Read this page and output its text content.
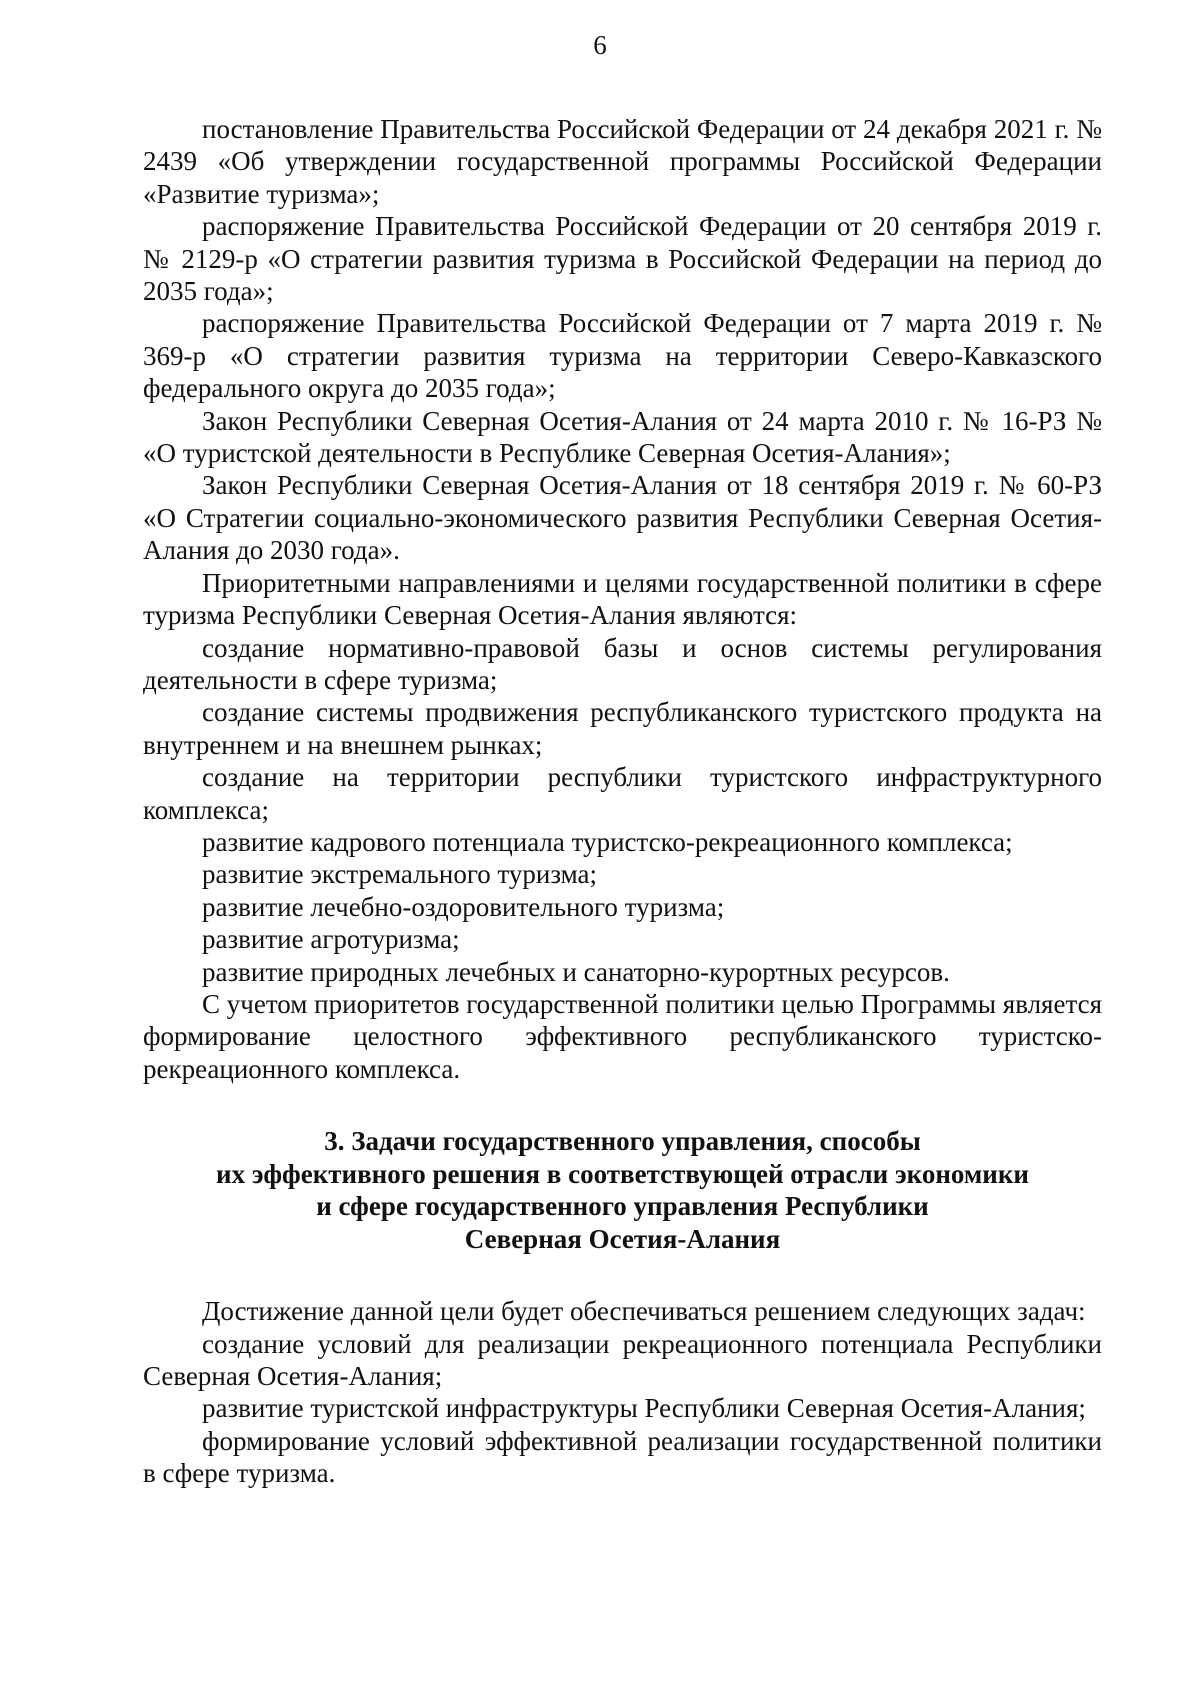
6

постановление Правительства Российской Федерации от 24 декабря 2021 г. № 2439 «Об утверждении государственной программы Российской Федерации «Развитие туризма»;

распоряжение Правительства Российской Федерации от 20 сентября 2019 г. № 2129-р «О стратегии развития туризма в Российской Федерации на период до 2035 года»;

распоряжение Правительства Российской Федерации от 7 марта 2019 г. № 369-р «О стратегии развития туризма на территории Северо-Кавказского федерального округа до 2035 года»;

Закон Республики Северная Осетия-Алания от 24 марта 2010 г. № 16-РЗ № «О туристской деятельности в Республике Северная Осетия-Алания»;

Закон Республики Северная Осетия-Алания от 18 сентября 2019 г. № 60-РЗ «О Стратегии социально-экономического развития Республики Северная Осетия-Алания до 2030 года».

Приоритетными направлениями и целями государственной политики в сфере туризма Республики Северная Осетия-Алания являются:

создание нормативно-правовой базы и основ системы регулирования деятельности в сфере туризма;

создание системы продвижения республиканского туристского продукта на внутреннем и на внешнем рынках;

создание на территории республики туристского инфраструктурного комплекса;

развитие кадрового потенциала туристско-рекреационного комплекса;

развитие экстремального туризма;

развитие лечебно-оздоровительного туризма;

развитие агротуризма;

развитие природных лечебных и санаторно-курортных ресурсов.

С учетом приоритетов государственной политики целью Программы является формирование целостного эффективного республиканского туристско-рекреационного комплекса.

3. Задачи государственного управления, способы
их эффективного решения в соответствующей отрасли экономики
и сфере государственного управления Республики
Северная Осетия-Алания

Достижение данной цели будет обеспечиваться решением следующих задач:

создание условий для реализации рекреационного потенциала Республики Северная Осетия-Алания;

развитие туристской инфраструктуры Республики Северная Осетия-Алания;

формирование условий эффективной реализации государственной политики в сфере туризма.
